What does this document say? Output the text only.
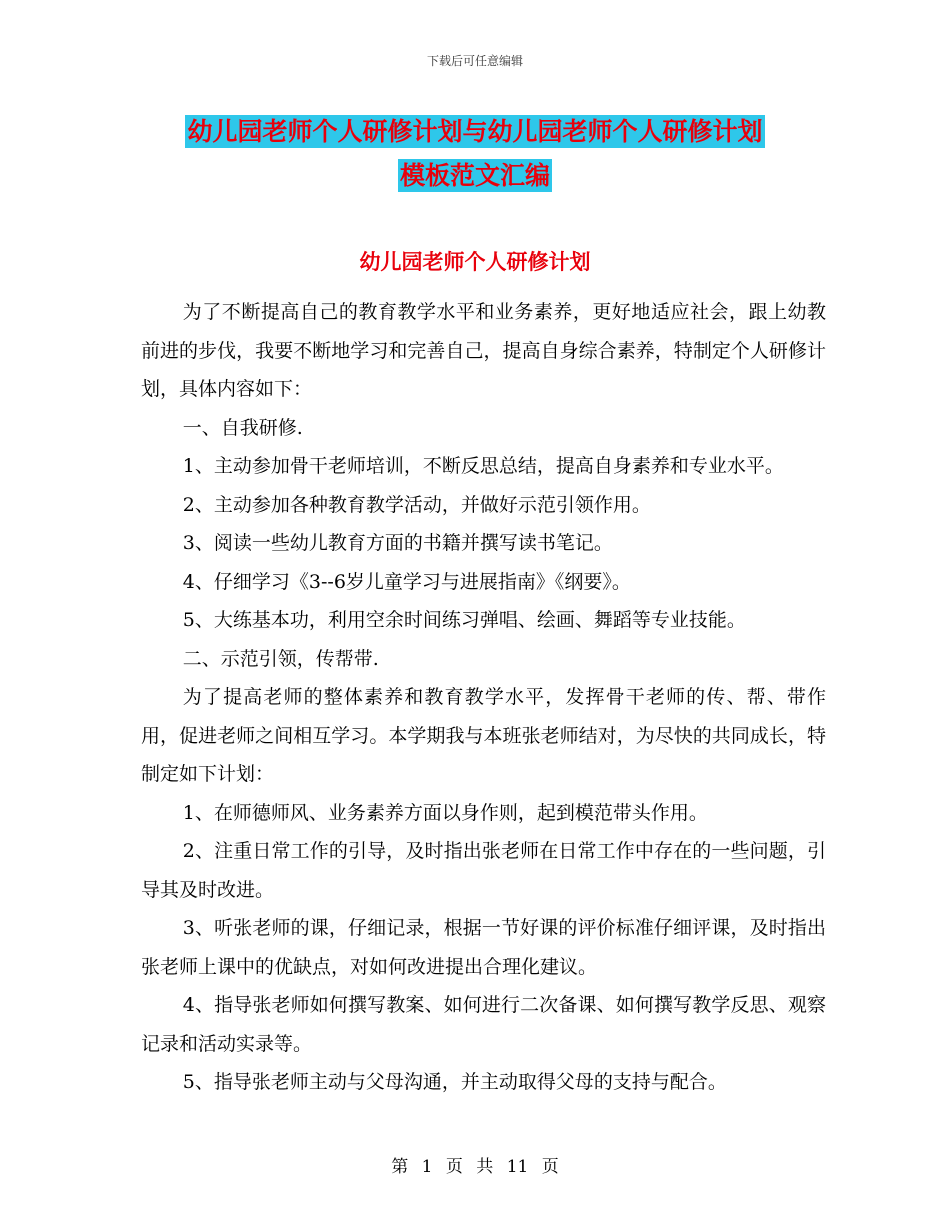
下载后可任意编辑
幼儿园老师个人研修计划与幼儿园老师个人研修计划
模板范文汇编
幼儿园老师个人研修计划

为了不断提高自己的教育教学水平和业务素养，更好地适应社会，跟上幼教前进的步伐，我要不断地学习和完善自己，提高自身综合素养，特制定个人研修计划，具体内容如下：

一、自我研修.

1、主动参加骨干老师培训，不断反思总结，提高自身素养和专业水平。

2、主动参加各种教育教学活动，并做好示范引领作用。

3、阅读一些幼儿教育方面的书籍并撰写读书笔记。

4、仔细学习《3--6岁儿童学习与进展指南》《纲要》。

5、大练基本功，利用空余时间练习弹唱、绘画、舞蹈等专业技能。

二、示范引领，传帮带.

为了提高老师的整体素养和教育教学水平，发挥骨干老师的传、帮、带作用，促进老师之间相互学习。本学期我与本班张老师结对，为尽快的共同成长，特制定如下计划：

1、在师德师风、业务素养方面以身作则，起到模范带头作用。

2、注重日常工作的引导，及时指出张老师在日常工作中存在的一些问题，引导其及时改进。

3、听张老师的课，仔细记录，根据一节好课的评价标准仔细评课，及时指出张老师上课中的优缺点，对如何改进提出合理化建议。

4、指导张老师如何撰写教案、如何进行二次备课、如何撰写教学反思、观察记录和活动实录等。

5、指导张老师主动与父母沟通，并主动取得父母的支持与配合。

第 1 页 共 11 页
